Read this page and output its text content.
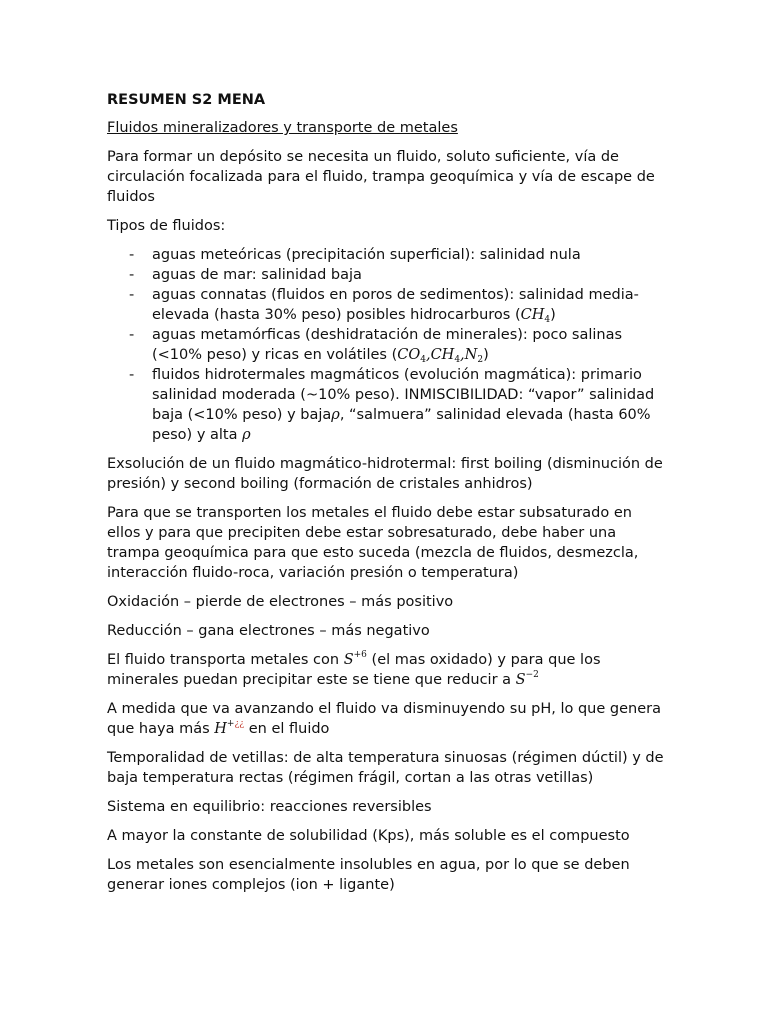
RESUMEN S2 MENA
Fluidos mineralizadores y transporte de metales

Para formar un depósito se necesita un fluido, soluto suficiente, vía de circulación focalizada para el fluido, trampa geoquímica y vía de escape de fluidos

Tipos de fluidos:

- aguas meteóricas (precipitación superficial): salinidad nula
- aguas de mar: salinidad baja
- aguas connatas (fluidos en poros de sedimentos): salinidad media-elevada (hasta 30% peso) posibles hidrocarburos $(CH_4)$
- aguas metamórficas (deshidratación de minerales): poco salinas (<10% peso) y ricas en volátiles $(CO_4,CH_4,N_2)$
- fluidos hidrotermales magmáticos (evolución magmática): primario salinidad moderada (~10% peso). INMISCIBILIDAD: “vapor” salinidad baja (<10% peso) y bajaρ, “salmuera” salinidad elevada (hasta 60% peso) y alta ρ

Exsolución de un fluido magmático-hidrotermal: first boiling (disminución de presión) y second boiling (formación de cristales anhidros)

Para que se transporten los metales el fluido debe estar subsaturado en ellos y para que precipiten debe estar sobresaturado, debe haber una trampa geoquímica para que esto suceda (mezcla de fluidos, desmezcla, interacción fluido-roca, variación presión o temperatura)

Oxidación – pierde de electrones – más positivo

Reducción – gana electrones – más negativo

El fluido transporta metales con $S^{+6}$ (el mas oxidado) y para que los minerales puedan precipitar este se tiene que reducir a $S^{-2}$

A medida que va avanzando el fluido va disminuyendo su pH, lo que genera que haya más H+¿¿ en el fluido

Temporalidad de vetillas: de alta temperatura sinuosas (régimen dúctil) y de baja temperatura rectas (régimen frágil, cortan a las otras vetillas)

Sistema en equilibrio: reacciones reversibles

A mayor la constante de solubilidad (Kps), más soluble es el compuesto

Los metales son esencialmente insolubles en agua, por lo que se deben generar iones complejos (ion + ligante)
